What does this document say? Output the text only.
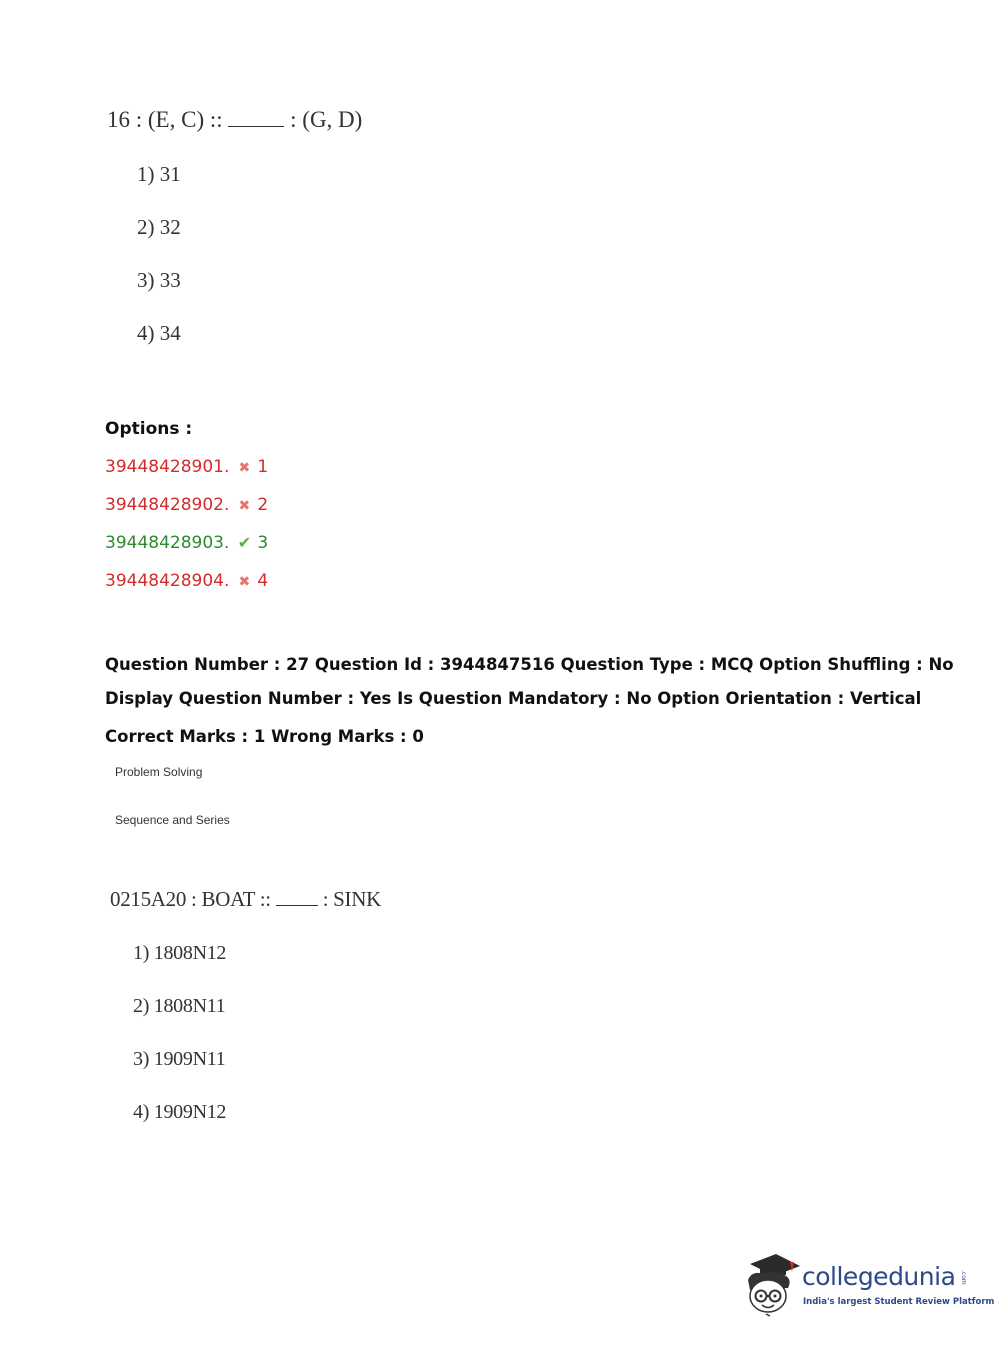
16 : (E, C) ::	: (G, D)
1) 31
2) 32
3) 33
4) 34
Options :
39448428901. ✖ 1
39448428902. ✖ 2
39448428903. ✔ 3
39448428904. ✖ 4
Question Number : 27 Question Id : 3944847516 Question Type : MCQ Option Shuffling : No
Display Question Number : Yes Is Question Mandatory : No Option Orientation : Vertical
Correct Marks : 1 Wrong Marks : 0
Problem Solving
Sequence and Series
0215A20 : BOAT :: : SINK
1) 1808N12
2) 1808N11
3) 1909N11
4) 1909N12
collegedunia .com
India's largest Student Review Platform
